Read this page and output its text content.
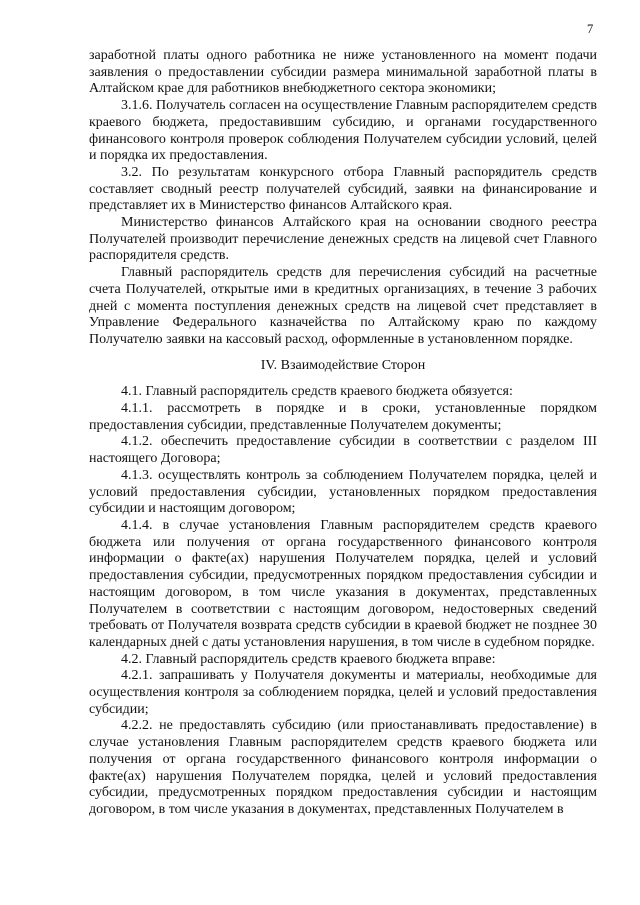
7

заработной платы одного работника не ниже установленного на момент подачи заявления о предоставлении субсидии размера минимальной заработной платы в Алтайском крае для работников внебюджетного сектора экономики;

3.1.6. Получатель согласен на осуществление Главным распорядителем средств краевого бюджета, предоставившим субсидию, и органами государственного финансового контроля проверок соблюдения Получателем субсидии условий, целей и порядка их предоставления.

3.2. По результатам конкурсного отбора Главный распорядитель средств составляет сводный реестр получателей субсидий, заявки на финансирование и представляет их в Министерство финансов Алтайского края.

Министерство финансов Алтайского края на основании сводного реестра Получателей производит перечисление денежных средств на лицевой счет Главного распорядителя средств.

Главный распорядитель средств для перечисления субсидий на расчетные счета Получателей, открытые ими в кредитных организациях, в течение 3 рабочих дней с момента поступления денежных средств на лицевой счет представляет в Управление Федерального казначейства по Алтайскому краю по каждому Получателю заявки на кассовый расход, оформленные в установленном порядке.

IV. Взаимодействие Сторон

4.1. Главный распорядитель средств краевого бюджета обязуется:

4.1.1. рассмотреть в порядке и в сроки, установленные порядком предоставления субсидии, представленные Получателем документы;

4.1.2. обеспечить предоставление субсидии в соответствии с разделом III настоящего Договора;

4.1.3. осуществлять контроль за соблюдением Получателем порядка, целей и условий предоставления субсидии, установленных порядком предоставления субсидии и настоящим договором;

4.1.4. в случае установления Главным распорядителем средств краевого бюджета или получения от органа государственного финансового контроля информации о факте(ах) нарушения Получателем порядка, целей и условий предоставления субсидии, предусмотренных порядком предоставления субсидии и настоящим договором, в том числе указания в документах, представленных Получателем в соответствии с настоящим договором, недостоверных сведений требовать от Получателя возврата средств субсидии в краевой бюджет не позднее 30 календарных дней с даты установления нарушения, в том числе в судебном порядке.

4.2. Главный распорядитель средств краевого бюджета вправе:

4.2.1. запрашивать у Получателя документы и материалы, необходимые для осуществления контроля за соблюдением порядка, целей и условий предоставления субсидии;

4.2.2. не предоставлять субсидию (или приостанавливать предоставление) в случае установления Главным распорядителем средств краевого бюджета или получения от органа государственного финансового контроля информации о факте(ах) нарушения Получателем порядка, целей и условий предоставления субсидии, предусмотренных порядком предоставления субсидии и настоящим договором, в том числе указания в документах, представленных Получателем в
